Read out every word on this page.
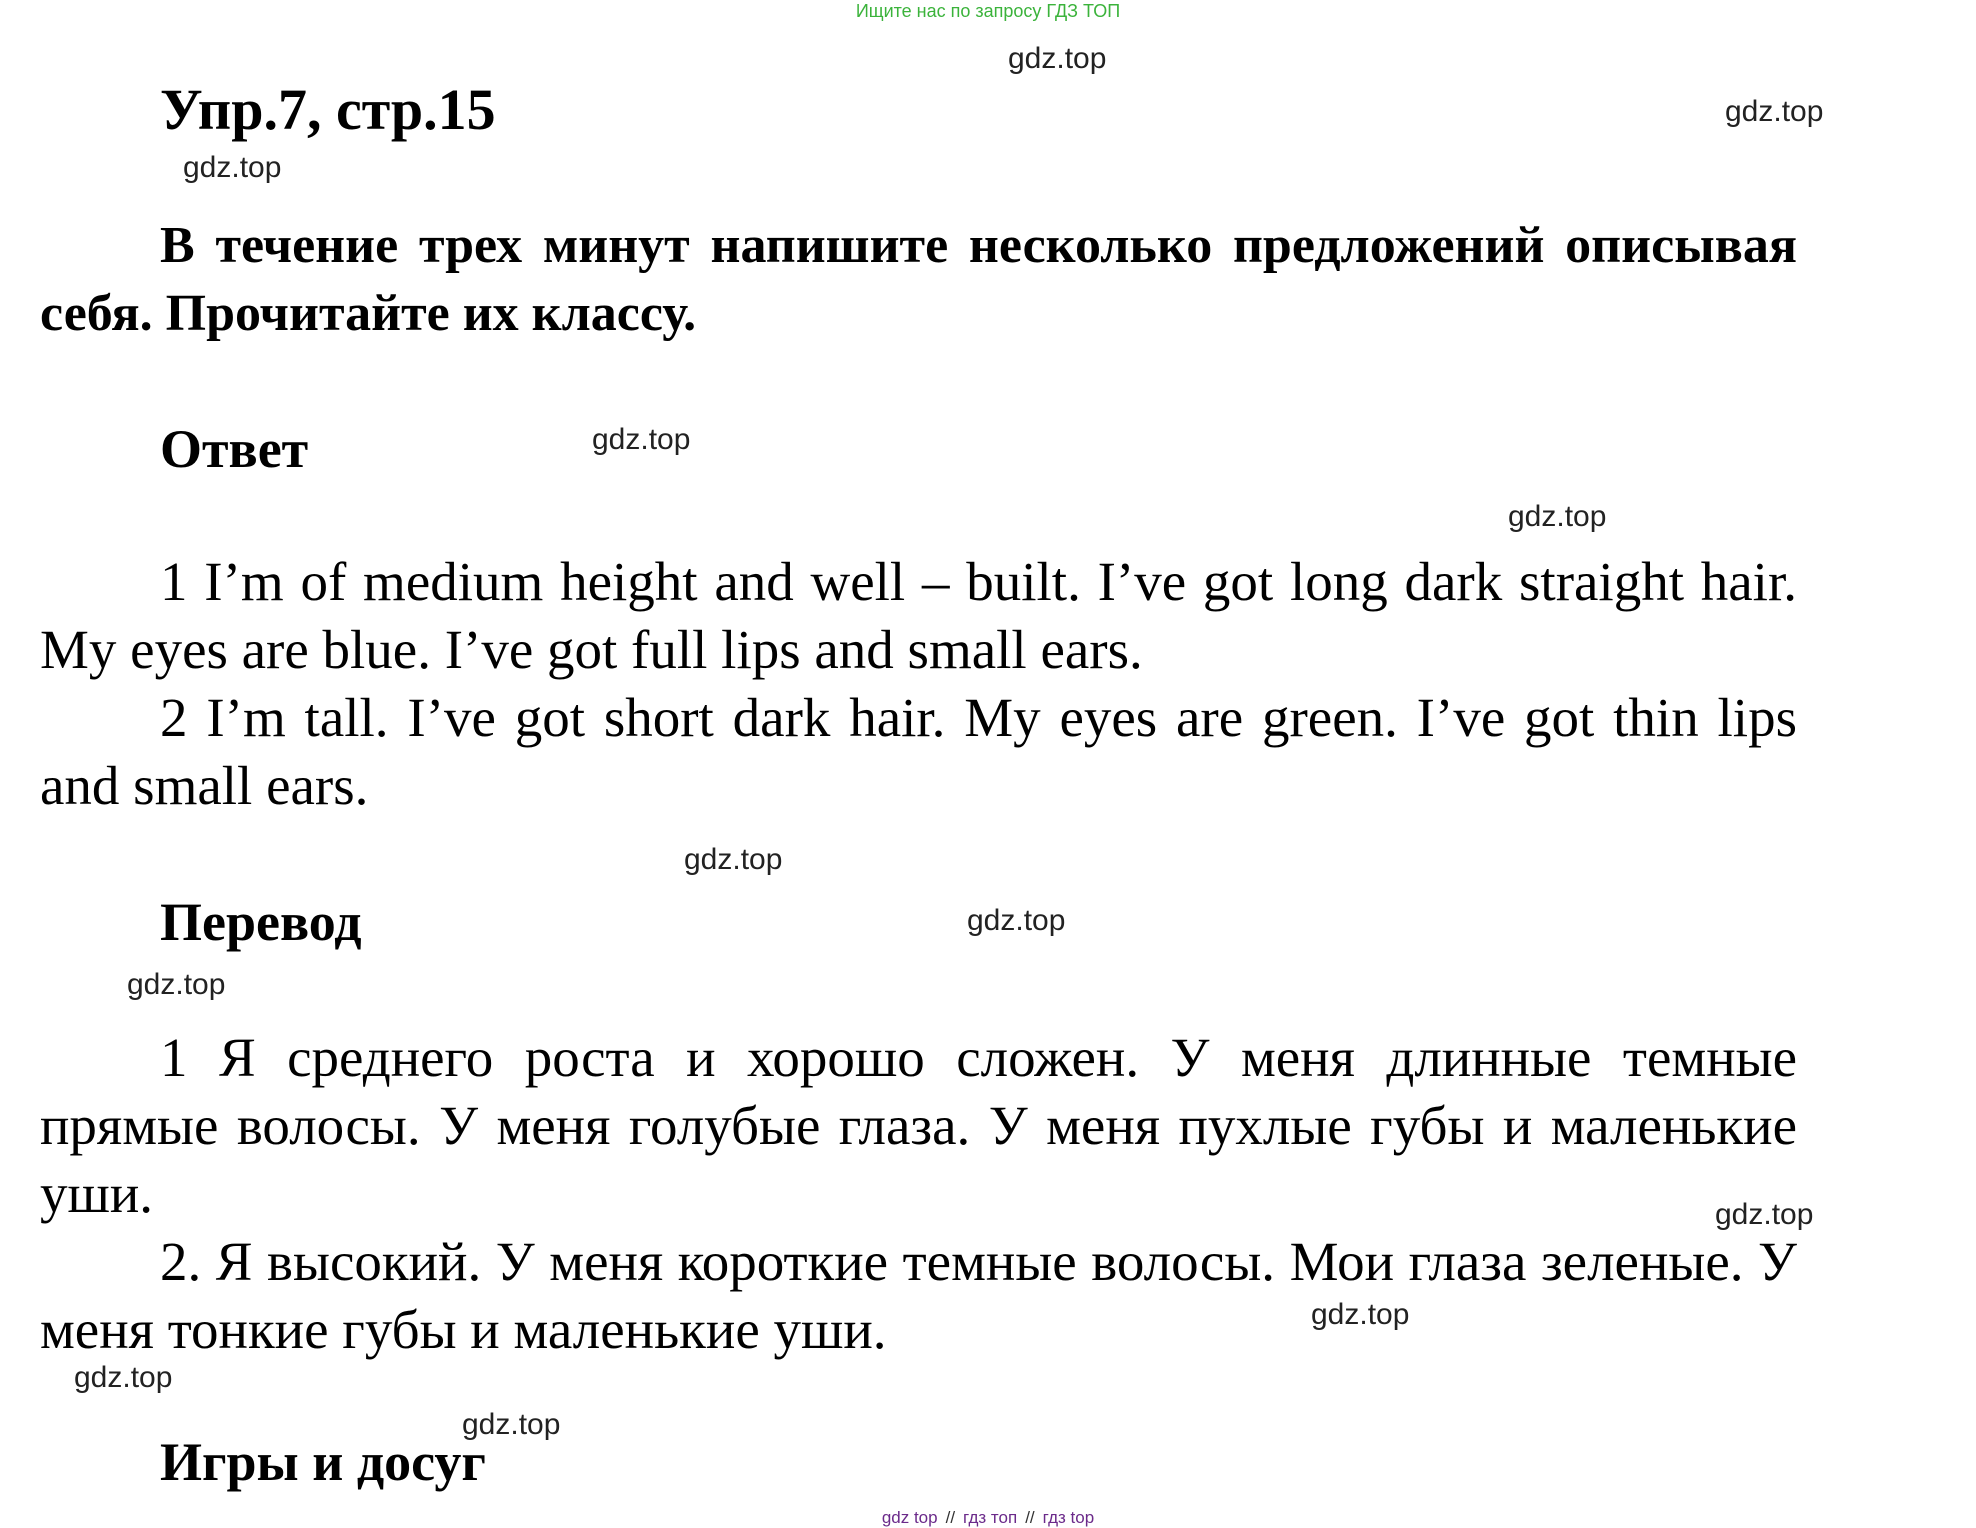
Ищите нас по запросу ГДЗ ТОП
Упр.7, стр.15

В течение трех минут напишите несколько предложений описывая себя. Прочитайте их классу.

Ответ

1 I’m of medium height and well – built. I’ve got long dark straight hair. My eyes are blue. I’ve got full lips and small ears.

2 I’m tall. I’ve got short dark hair. My eyes are green. I’ve got thin lips and small ears.

Перевод

1 Я среднего роста и хорошо сложен. У меня длинные темные прямые волосы. У меня голубые глаза. У меня пухлые губы и маленькие уши.

2. Я высокий. У меня короткие темные волосы. Мои глаза зеленые. У меня тонкие губы и маленькие уши.

Игры и досуг
gdz.top
gdz.top
gdz.top
gdz.top
gdz.top
gdz.top
gdz.top
gdz.top
gdz.top
gdz.top
gdz.top
gdz.top
gdz top // гдз топ // гдз top
